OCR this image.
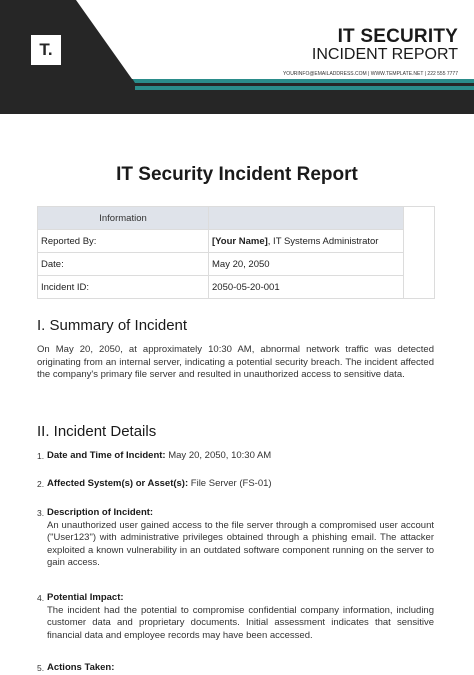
T.
IT SECURITY
INCIDENT REPORT
YOURINFO@EMAILADDRESS.COM | WWW.TEMPLATE.NET | 222 555 7777
IT Security Incident Report
Information		
Reported By:	[Your Name], IT Systems Administrator	
Date:	May 20, 2050	
Incident ID:	2050-05-20-001	
I. Summary of Incident
On May 20, 2050, at approximately 10:30 AM, abnormal network traffic was detected originating from an internal server, indicating a potential security breach. The incident affected the company's primary file server and resulted in unauthorized access to sensitive data.
II. Incident Details
1. Date and Time of Incident: May 20, 2050, 10:30 AM
2. Affected System(s) or Asset(s): File Server (FS-01)
3. Description of Incident:
An unauthorized user gained access to the file server through a compromised user account ("User123") with administrative privileges obtained through a phishing email. The attacker exploited a known vulnerability in an outdated software component running on the server to gain access.
4. Potential Impact:
The incident had the potential to compromise confidential company information, including customer data and proprietary documents. Initial assessment indicates that sensitive financial data and employee records may have been accessed.
5. Actions Taken:
